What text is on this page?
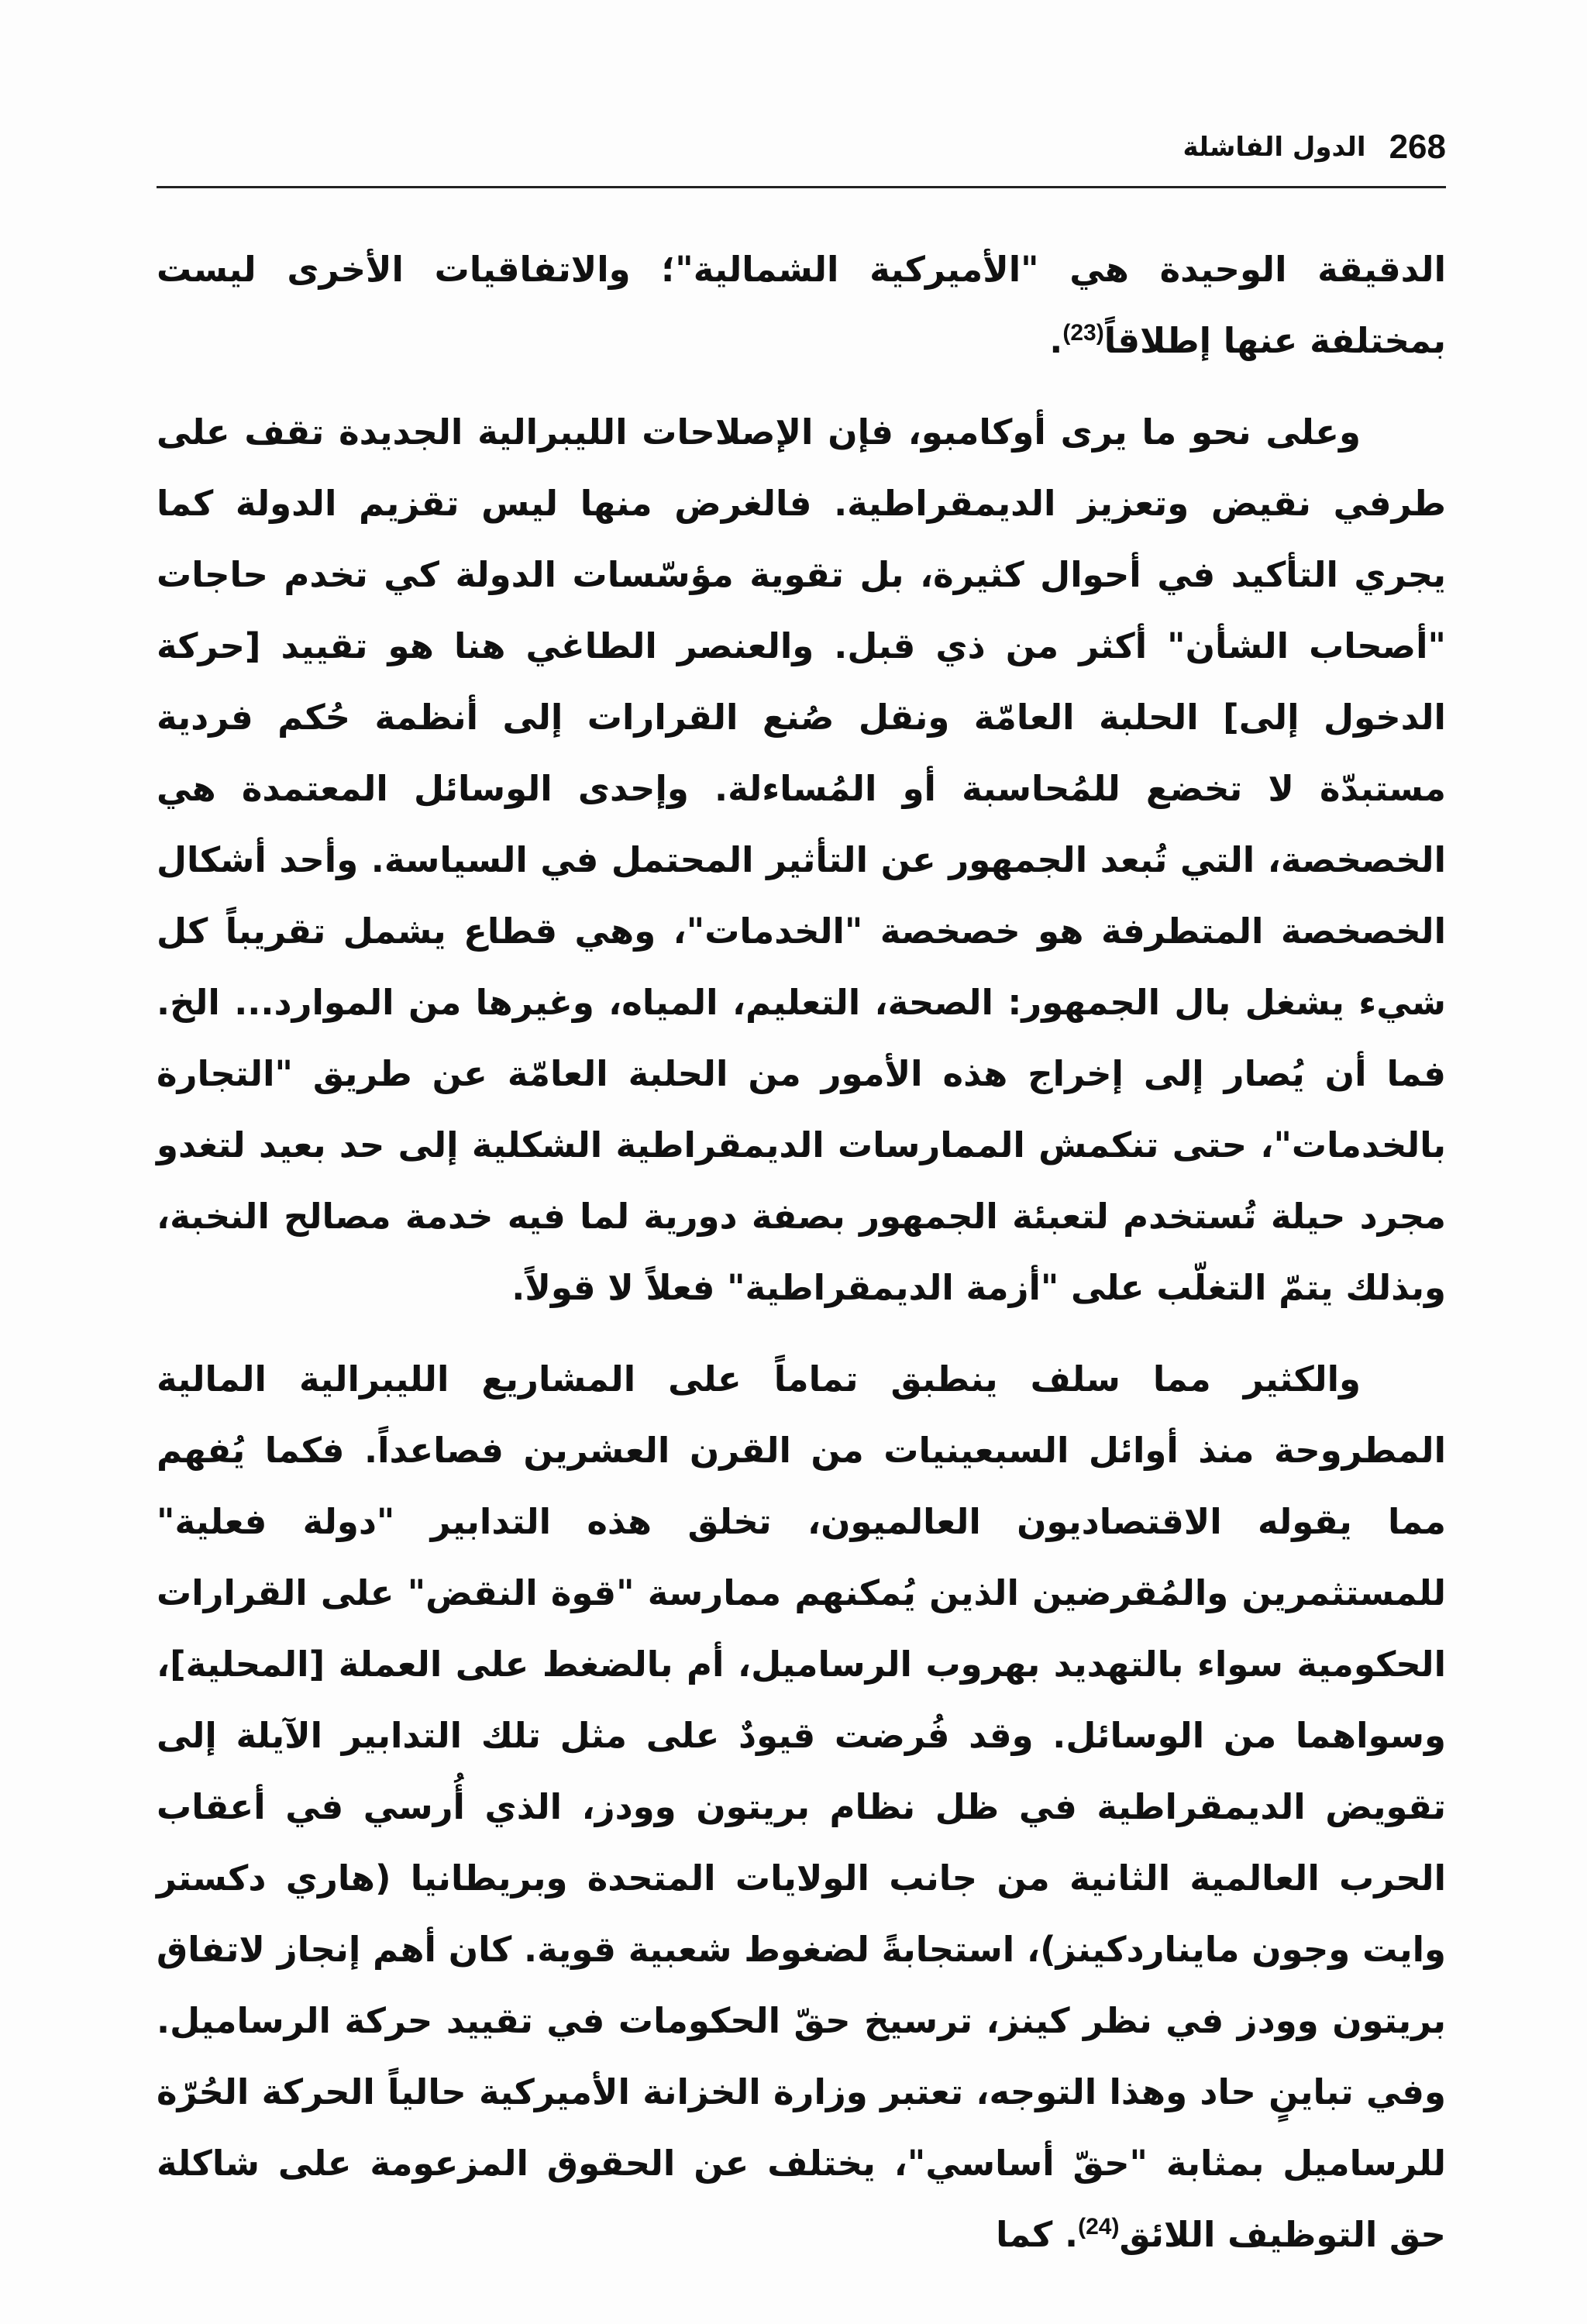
الدول الفاشلة 268

الدقيقة الوحيدة هي "الأميركية الشمالية"؛ والاتفاقيات الأخرى ليست بمختلفة عنها إطلاقاً$^{(23)}$.

وعلى نحو ما يرى أوكامبو، فإن الإصلاحات الليبرالية الجديدة تقف على طرفي نقيض وتعزيز الديمقراطية. فالغرض منها ليس تقزيم الدولة كما يجري التأكيد في أحوال كثيرة، بل تقوية مؤسّسات الدولة كي تخدم حاجات "أصحاب الشأن" أكثر من ذي قبل. والعنصر الطاغي هنا هو تقييد [حركة الدخول إلى] الحلبة العامّة ونقل صُنع القرارات إلى أنظمة حُكم فردية مستبدّة لا تخضع للمُحاسبة أو المُساءلة. وإحدى الوسائل المعتمدة هي الخصخصة، التي تُبعد الجمهور عن التأثير المحتمل في السياسة. وأحد أشكال الخصخصة المتطرفة هو خصخصة "الخدمات"، وهي قطاع يشمل تقريباً كل شيء يشغل بال الجمهور: الصحة، التعليم، المياه، وغيرها من الموارد... الخ. فما أن يُصار إلى إخراج هذه الأمور من الحلبة العامّة عن طريق "التجارة بالخدمات"، حتى تنكمش الممارسات الديمقراطية الشكلية إلى حد بعيد لتغدو مجرد حيلة تُستخدم لتعبئة الجمهور بصفة دورية لما فيه خدمة مصالح النخبة، وبذلك يتمّ التغلّب على "أزمة الديمقراطية" فعلاً لا قولاً.

والكثير مما سلف ينطبق تماماً على المشاريع الليبرالية المالية المطروحة منذ أوائل السبعينيات من القرن العشرين فصاعداً. فكما يُفهم مما يقوله الاقتصاديون العالميون، تخلق هذه التدابير "دولة فعلية" للمستثمرين والمُقرضين الذين يُمكنهم ممارسة "قوة النقض" على القرارات الحكومية سواء بالتهديد بهروب الرساميل، أم بالضغط على العملة [المحلية]، وسواهما من الوسائل. وقد فُرضت قيودٌ على مثل تلك التدابير الآيلة إلى تقويض الديمقراطية في ظل نظام بريتون وودز، الذي أُرسي في أعقاب الحرب العالمية الثانية من جانب الولايات المتحدة وبريطانيا (هاري دكستر وايت وجون مايناردكينز)، استجابةً لضغوط شعبية قوية. كان أهم إنجاز لاتفاق بريتون وودز في نظر كينز، ترسيخ حقّ الحكومات في تقييد حركة الرساميل. وفي تباينٍ حاد وهذا التوجه، تعتبر وزارة الخزانة الأميركية حالياً الحركة الحُرّة للرساميل بمثابة "حقّ أساسي"، يختلف عن الحقوق المزعومة على شاكلة حق التوظيف اللائق$^{(24)}$. كما
